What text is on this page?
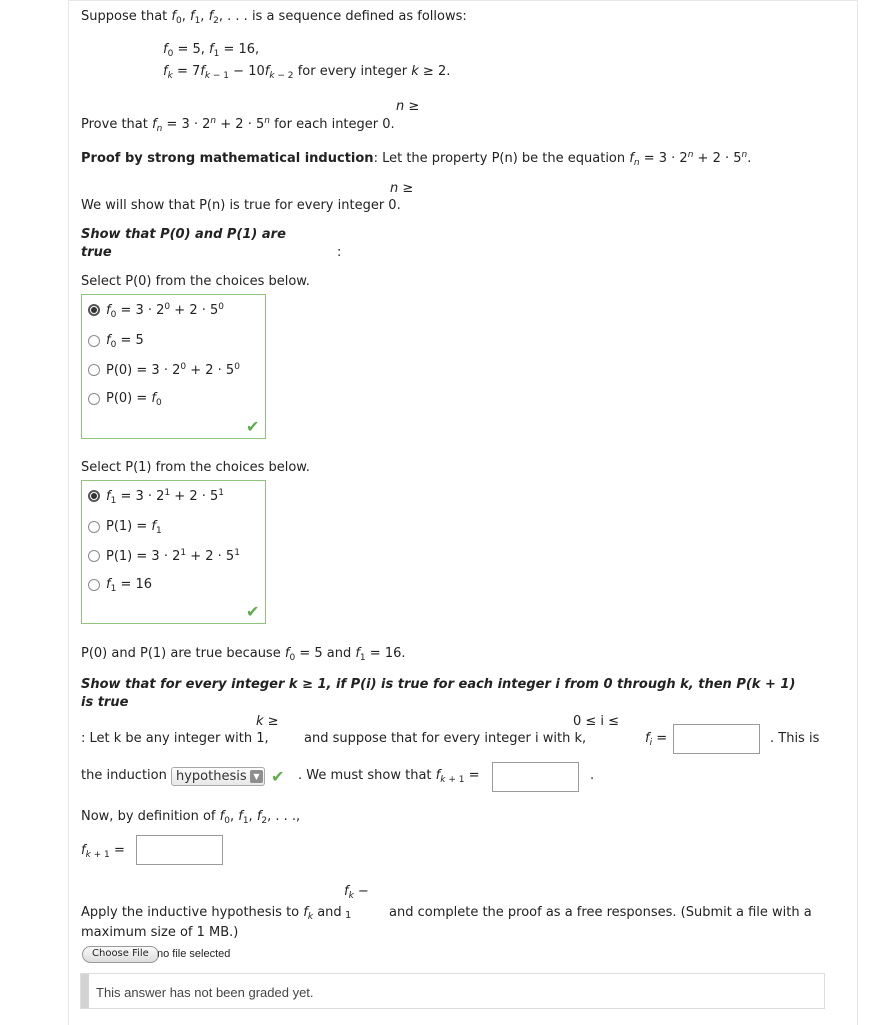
Suppose that $f_0$, $f_1$, $f_2$, . . . is a sequence defined as follows:
$f_0 = 5$, $f_1 = 16$,
$f_k = 7f_{k - 1} - 10f_{k - 2}$ for every integer k ≥ 2.
n ≥
Prove that $f_n = 3 \cdot 2^n + 2 \cdot 5^n$ for each integer 0.
Proof by strong mathematical induction: Let the property P(n) be the equation $f_n = 3 \cdot 2^n + 2 \cdot 5^n$.
n ≥
We will show that P(n) is true for every integer 0.
Show that P(0) and P(1) are
true	:
Select P(0) from the choices below.
$f_0 = 3 \cdot 2^0 + 2 \cdot 5^0$
$f_0 = 5$
$P(0) = 3 \cdot 2^0 + 2 \cdot 5^0$
$P(0) = f_0$
✔
Select P(1) from the choices below.
$f_1 = 3 \cdot 2^1 + 2 \cdot 5^1$
$P(1) = f_1$
$P(1) = 3 \cdot 2^1 + 2 \cdot 5^1$
$f_1 = 16$
✔
P(0) and P(1) are true because $f_0 = 5$ and $f_1 = 16$.
Show that for every integer k ≥ 1, if P(i) is true for each integer i from 0 through k, then P(k + 1)
is true
k ≥	0 ≤ i ≤
: Let k be any integer with 1,	and suppose that for every integer i with k,	$f_i$ =	. This is
the induction hypothesis ▼ ✔ . We must show that $f_{k + 1}$ =	.
Now, by definition of $f_0$, $f_1$, $f_2$, . . .,
$f_{k + 1}$ =
$f_k$ −
1
Apply the inductive hypothesis to $f_k$ and	and complete the proof as a free responses. (Submit a file with a
maximum size of 1 MB.)
Choose File no file selected
This answer has not been graded yet.
